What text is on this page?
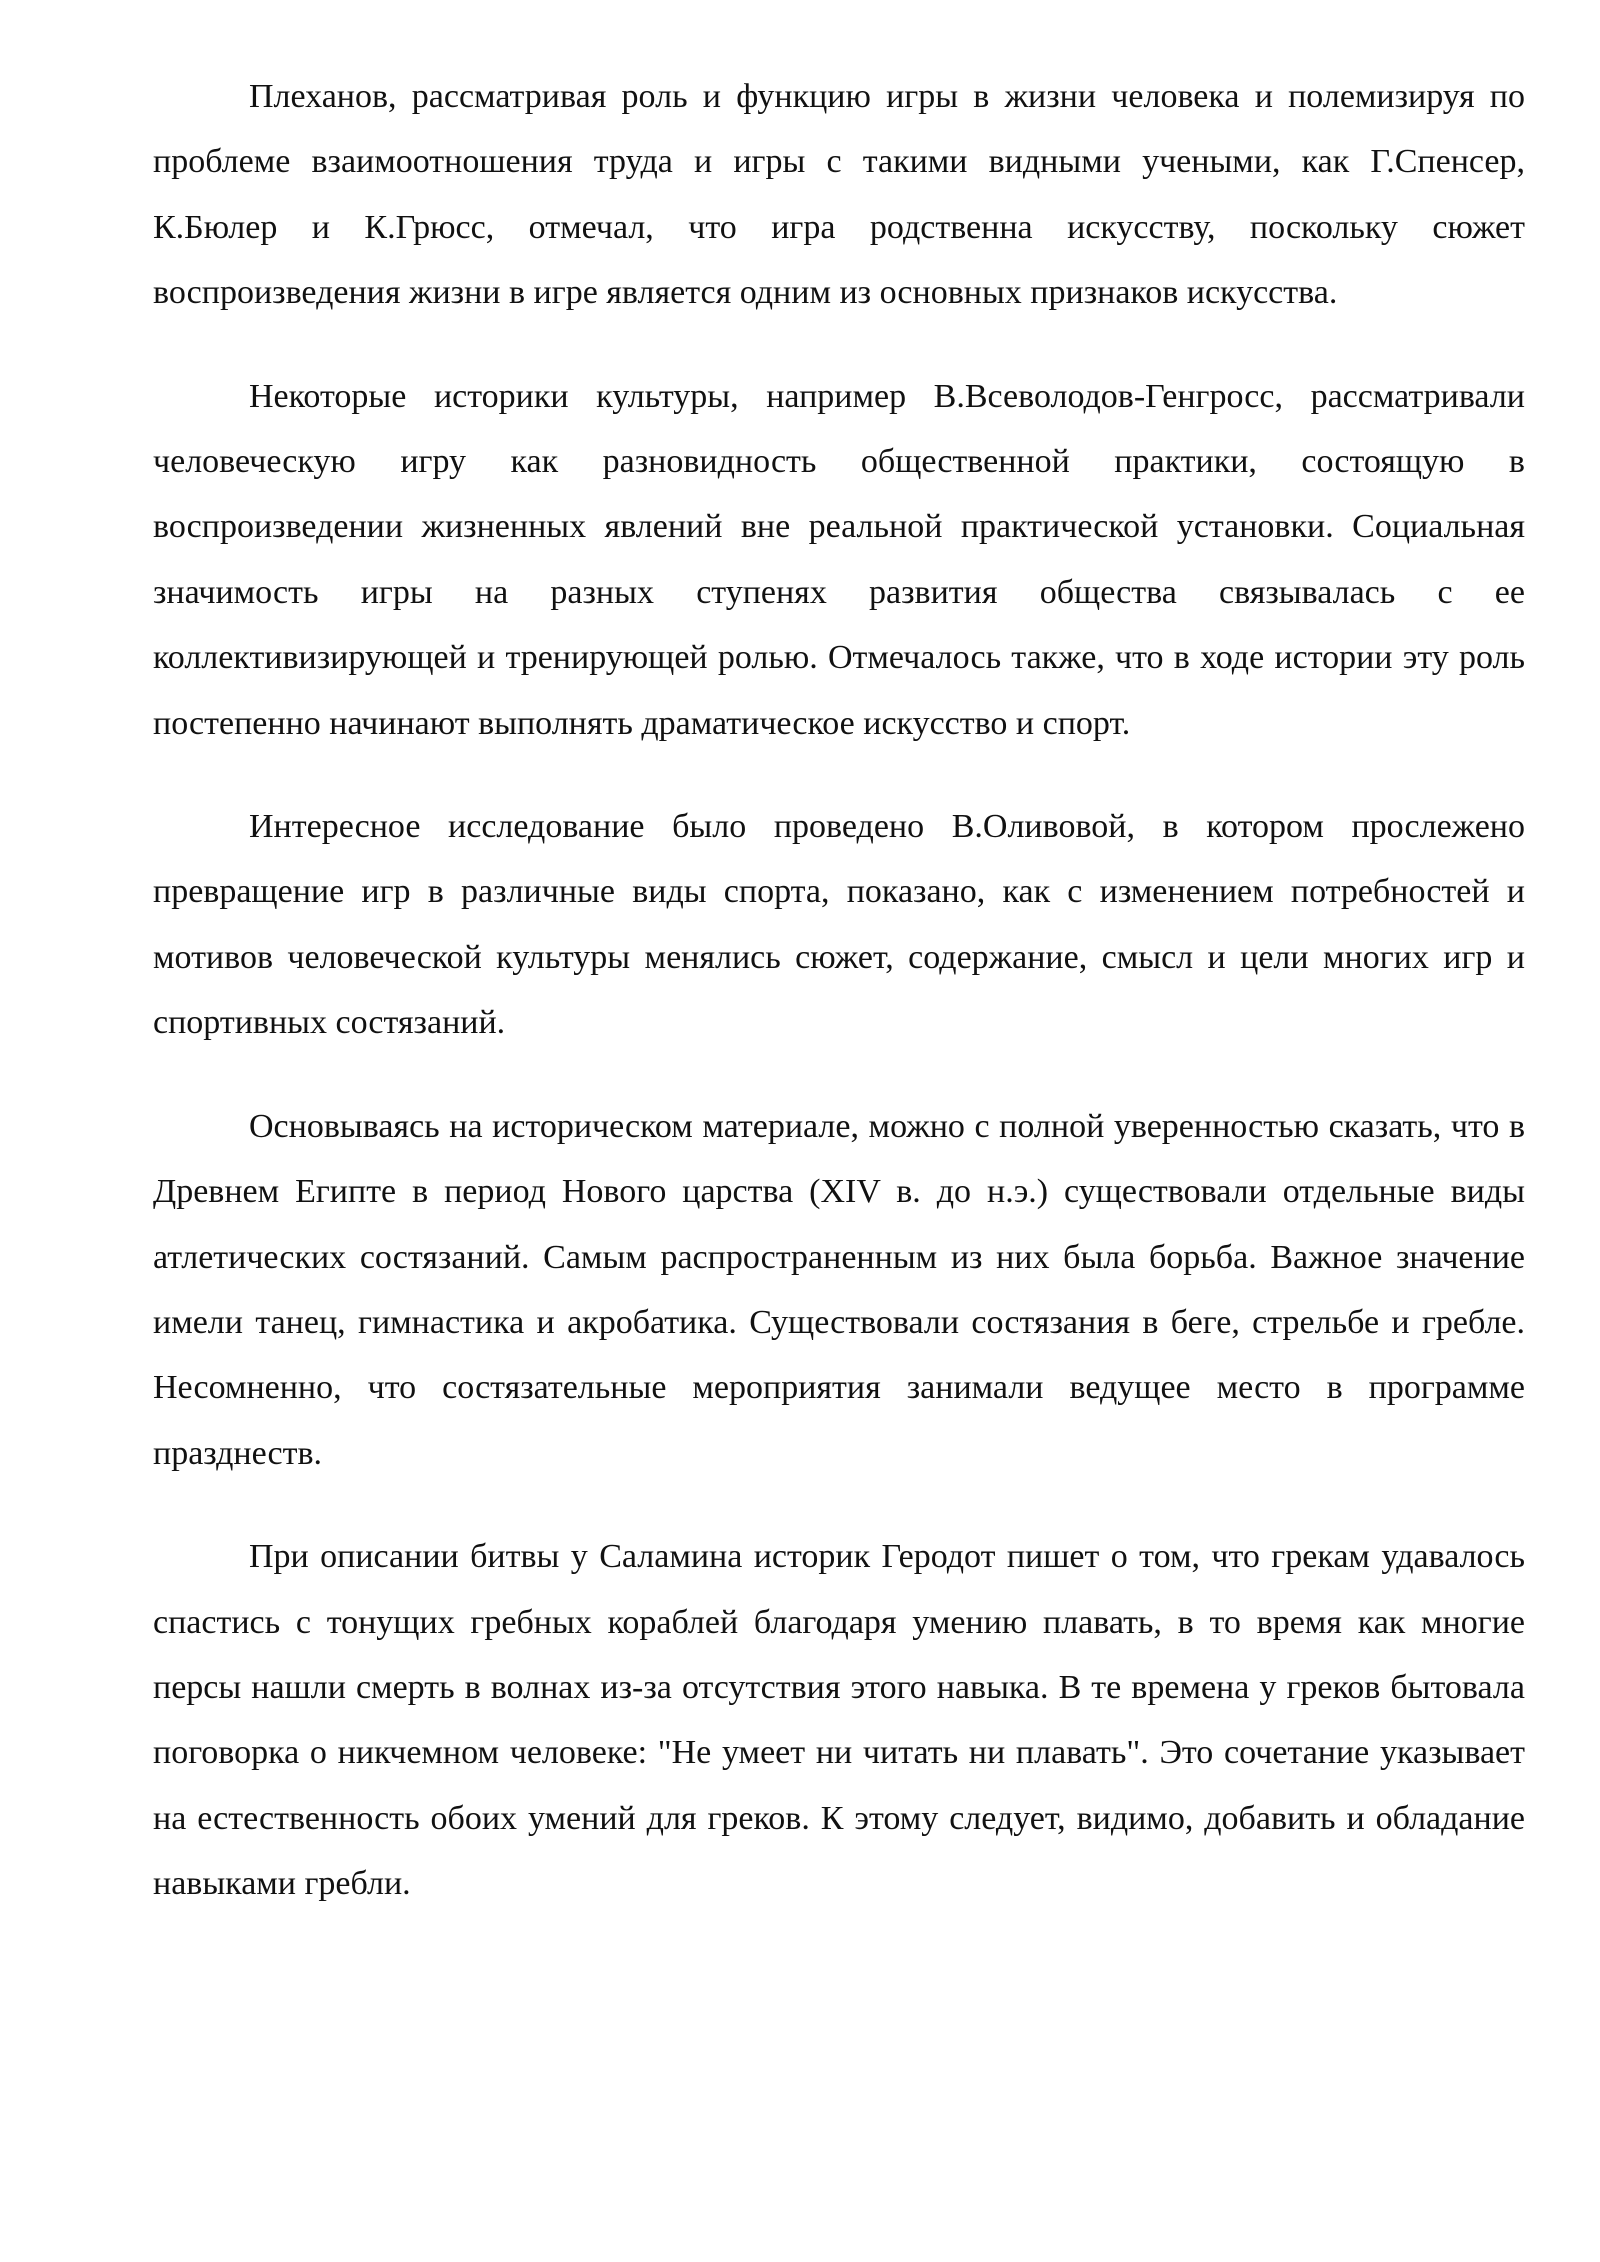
Плеханов, рассматривая роль и функцию игры в жизни человека и полемизируя по проблеме взаимоотношения труда и игры с такими видными учеными, как Г.Спенсер, К.Бюлер и К.Грюсс, отмечал, что игра родственна искусству, поскольку сюжет воспроизведения жизни в игре является одним из основных признаков искусства.

Некоторые историки культуры, например В.Всеволодов-Генгросс, рассматривали человеческую игру как разновидность общественной практики, состоящую в воспроизведении жизненных явлений вне реальной практической установки. Социальная значимость игры на разных ступенях развития общества связывалась с ее коллективизирующей и тренирующей ролью. Отмечалось также, что в ходе истории эту роль постепенно начинают выполнять драматическое искусство и спорт.

Интересное исследование было проведено В.Оливовой, в котором прослежено превращение игр в различные виды спорта, показано, как с изменением потребностей и мотивов человеческой культуры менялись сюжет, содержание, смысл и цели многих игр и спортивных состязаний.

Основываясь на историческом материале, можно с полной уверенностью сказать, что в Древнем Египте в период Нового царства (XIV в. до н.э.) существовали отдельные виды атлетических состязаний. Самым распространенным из них была борьба. Важное значение имели танец, гимнастика и акробатика. Существовали состязания в беге, стрельбе и гребле. Несомненно, что состязательные мероприятия занимали ведущее место в программе празднеств.

При описании битвы у Саламина историк Геродот пишет о том, что грекам удавалось спастись с тонущих гребных кораблей благодаря умению плавать, в то время как многие персы нашли смерть в волнах из-за отсутствия этого навыка. В те времена у греков бытовала поговорка о никчемном человеке: "Не умеет ни читать ни плавать". Это сочетание указывает на естественность обоих умений для греков. К этому следует, видимо, добавить и обладание навыками гребли.
